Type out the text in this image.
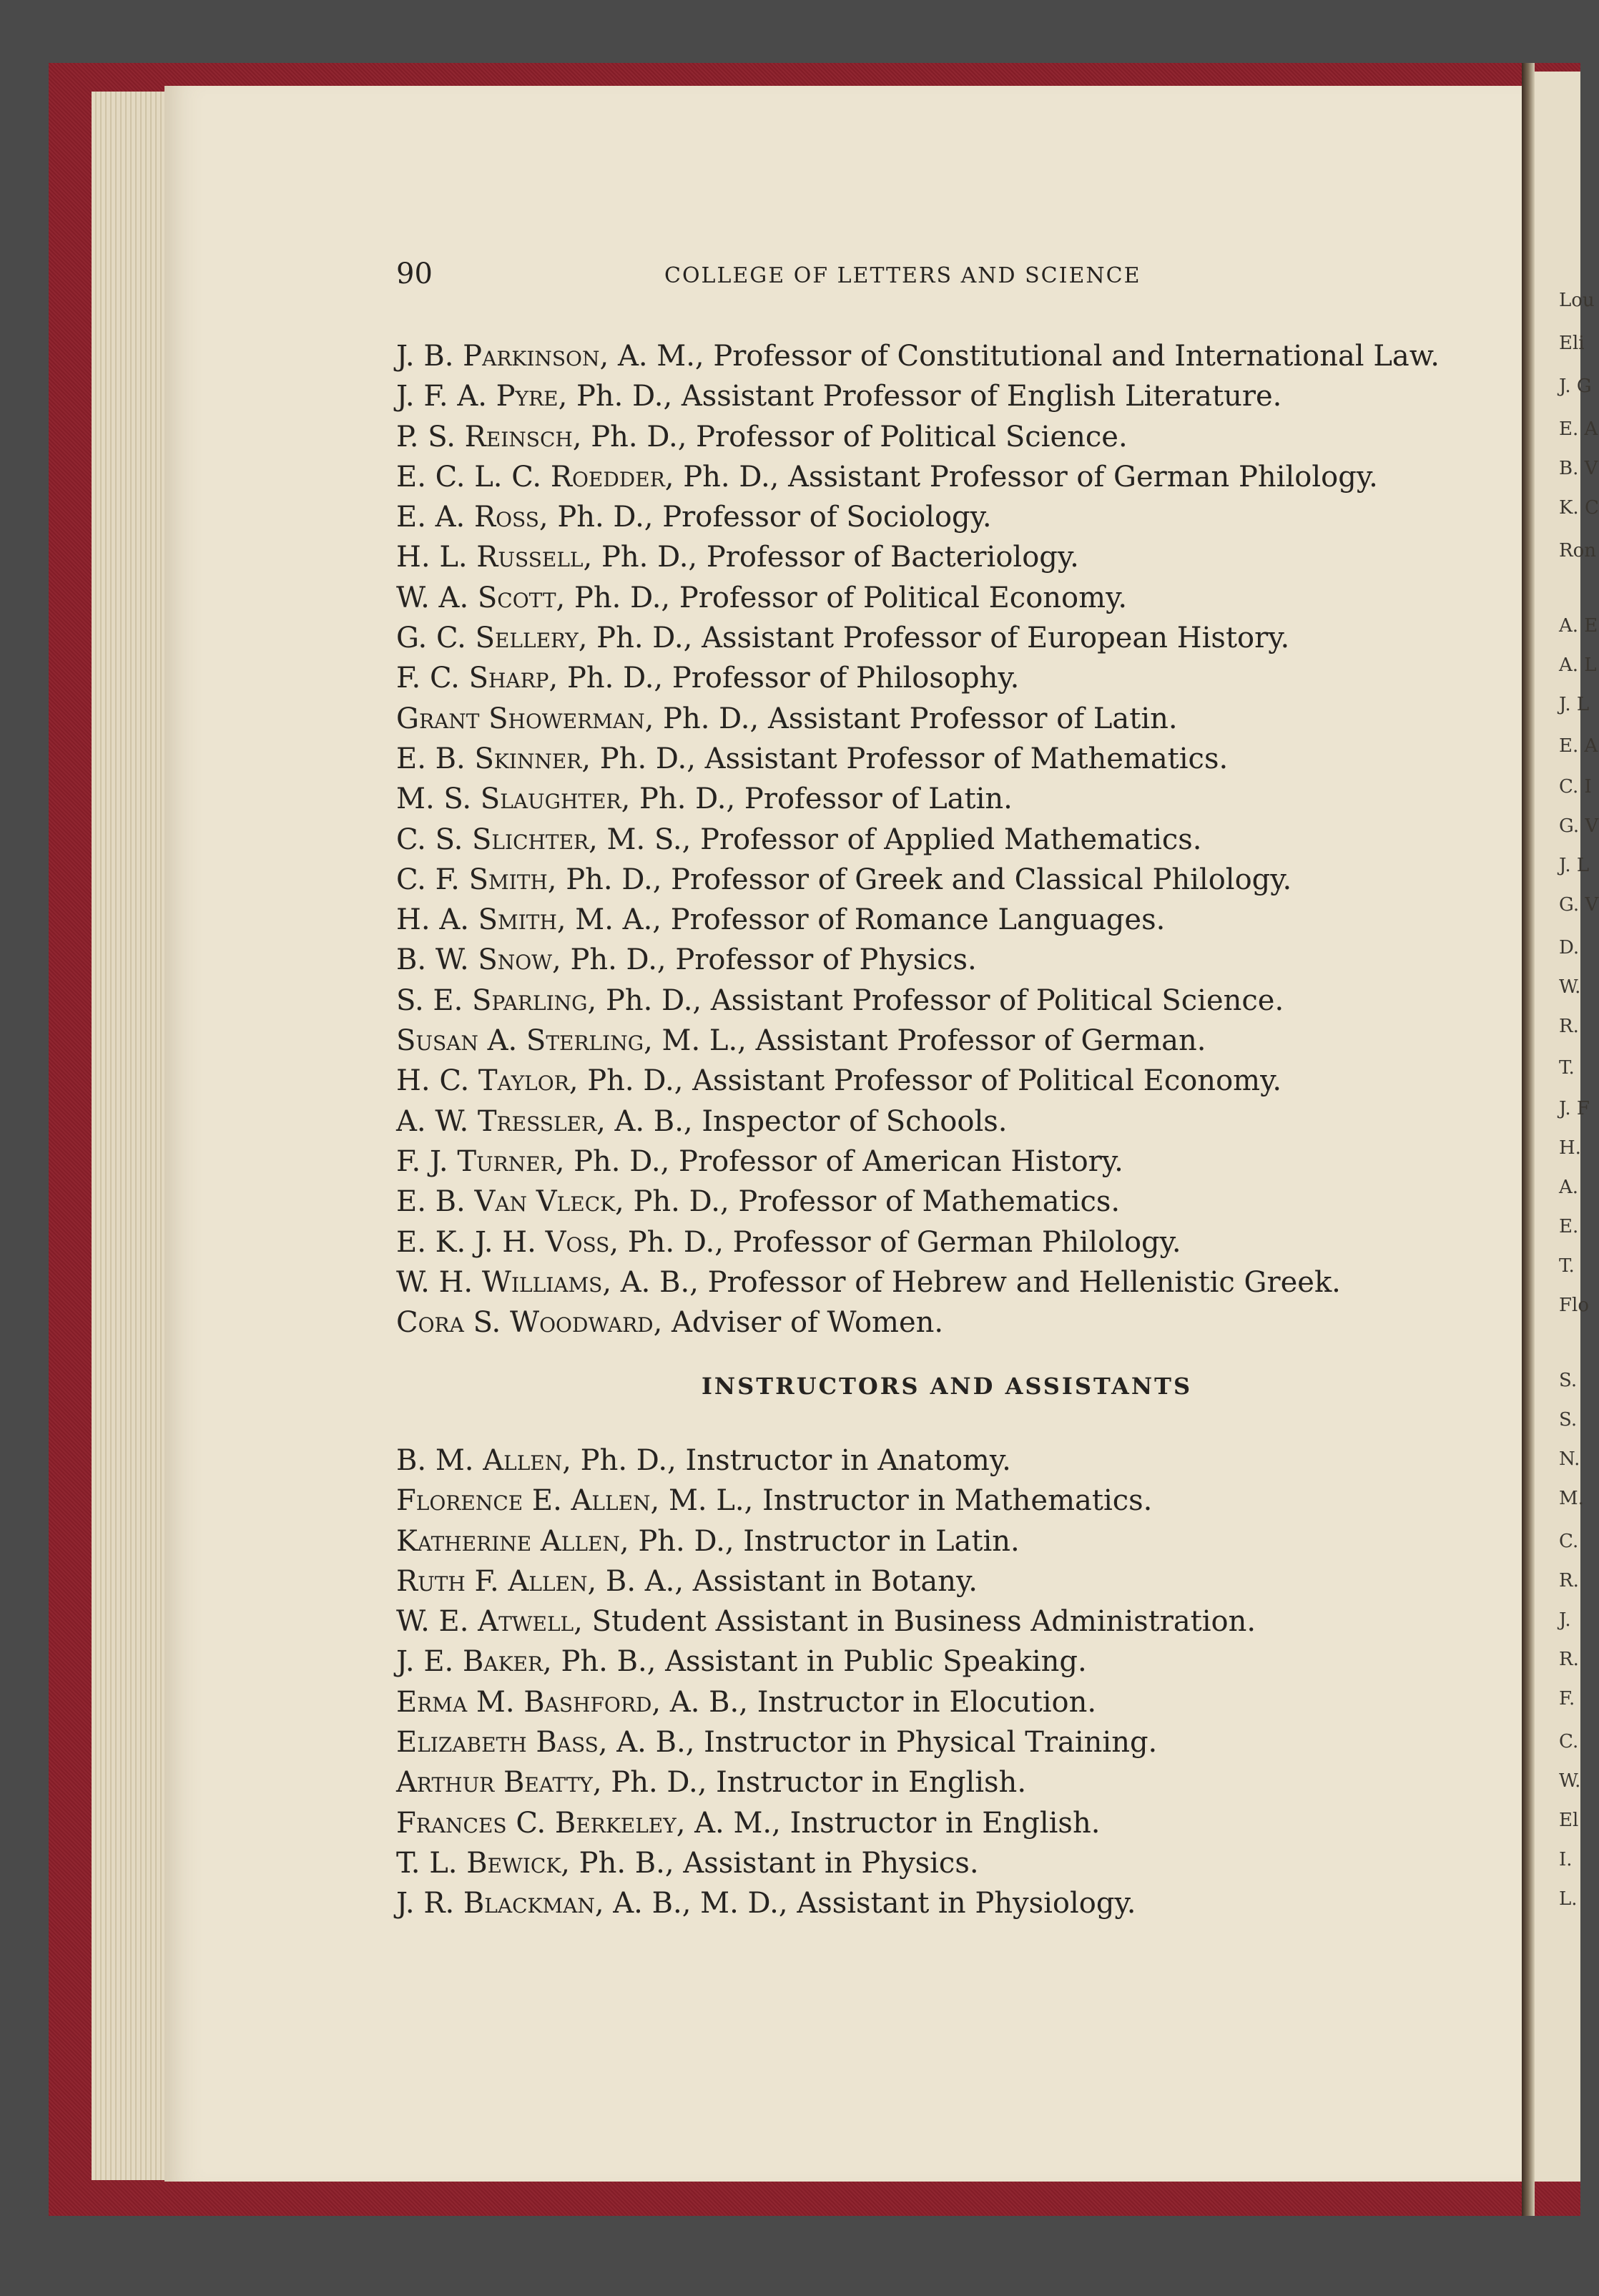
Lou
Eli
J. G
E. A
B. V
K. C
Ron
A. E
A. L
J. L
E. A
C. I
G. V
J. L
G. V
D.
W.
R.
T.
J. F
H.
A.
E.
T.
Flo
S.
S.
N.
M.
C.
R.
J.
R.
F.
C.
W.
El
I.
L.
90	COLLEGE OF LETTERS AND SCIENCE

J. B. Parkinson, A. M., Professor of Constitutional and International Law.

J. F. A. Pyre, Ph. D., Assistant Professor of English Literature.

P. S. Reinsch, Ph. D., Professor of Political Science.

E. C. L. C. Roedder, Ph. D., Assistant Professor of German Philology.

E. A. Ross, Ph. D., Professor of Sociology.

H. L. Russell, Ph. D., Professor of Bacteriology.

W. A. Scott, Ph. D., Professor of Political Economy.

G. C. Sellery, Ph. D., Assistant Professor of European History.

F. C. Sharp, Ph. D., Professor of Philosophy.

Grant Showerman, Ph. D., Assistant Professor of Latin.

E. B. Skinner, Ph. D., Assistant Professor of Mathematics.

M. S. Slaughter, Ph. D., Professor of Latin.

C. S. Slichter, M. S., Professor of Applied Mathematics.

C. F. Smith, Ph. D., Professor of Greek and Classical Philology.

H. A. Smith, M. A., Professor of Romance Languages.

B. W. Snow, Ph. D., Professor of Physics.

S. E. Sparling, Ph. D., Assistant Professor of Political Science.

Susan A. Sterling, M. L., Assistant Professor of German.

H. C. Taylor, Ph. D., Assistant Professor of Political Economy.

A. W. Tressler, A. B., Inspector of Schools.

F. J. Turner, Ph. D., Professor of American History.

E. B. Van Vleck, Ph. D., Professor of Mathematics.

E. K. J. H. Voss, Ph. D., Professor of German Philology.

W. H. Williams, A. B., Professor of Hebrew and Hellenistic Greek.

Cora S. Woodward, Adviser of Women.

INSTRUCTORS AND ASSISTANTS

B. M. Allen, Ph. D., Instructor in Anatomy.

Florence E. Allen, M. L., Instructor in Mathematics.

Katherine Allen, Ph. D., Instructor in Latin.

Ruth F. Allen, B. A., Assistant in Botany.

W. E. Atwell, Student Assistant in Business Administration.

J. E. Baker, Ph. B., Assistant in Public Speaking.

Erma M. Bashford, A. B., Instructor in Elocution.

Elizabeth Bass, A. B., Instructor in Physical Training.

Arthur Beatty, Ph. D., Instructor in English.

Frances C. Berkeley, A. M., Instructor in English.

T. L. Bewick, Ph. B., Assistant in Physics.

J. R. Blackman, A. B., M. D., Assistant in Physiology.
